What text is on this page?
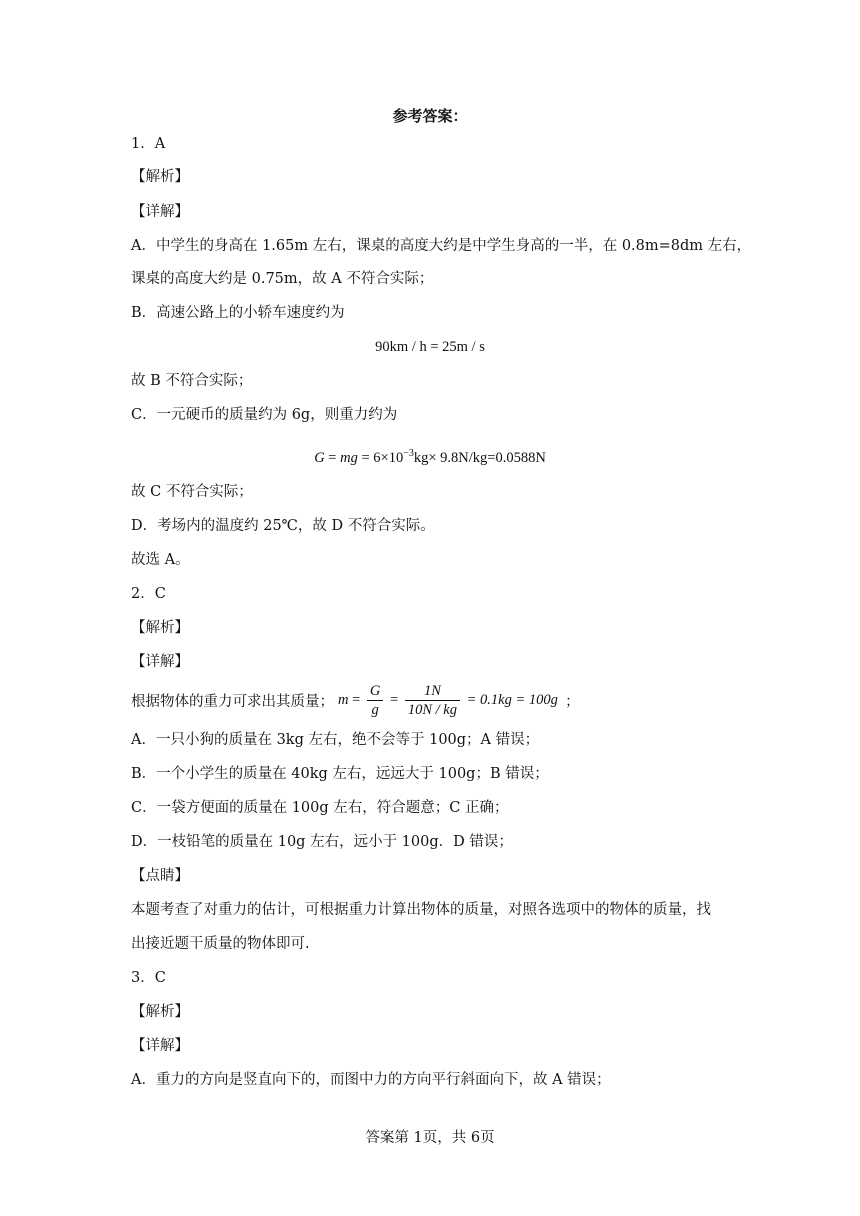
参考答案：
1．A
【解析】
【详解】
A．中学生的身高在 1.65m 左右，课桌的高度大约是中学生身高的一半，在 0.8m=8dm 左右，
课桌的高度大约是 0.75m，故 A 不符合实际；
B．高速公路上的小轿车速度约为
90km / h = 25m / s
故 B 不符合实际；
C．一元硬币的质量约为 6g，则重力约为
G = mg = $6\times 10^{-3}kg\times 9.8N/kg=0.0588N$
故 C 不符合实际；
D．考场内的温度约 25℃，故 D 不符合实际。
故选 A。
2．C
【解析】
【详解】
根据物体的重力可求出其质量； $m = \frac{G}{g} = \frac{1N}{10N / kg} = 0.1kg = 100g$ ；
A．一只小狗的质量在 3kg 左右，绝不会等于 100g；A 错误；
B．一个小学生的质量在 40kg 左右，远远大于 100g；B 错误；
C．一袋方便面的质量在 100g 左右，符合题意；C 正确；
D．一枝铅笔的质量在 10g 左右，远小于 100g．D 错误；
【点睛】
本题考查了对重力的估计，可根据重力计算出物体的质量，对照各选项中的物体的质量，找
出接近题干质量的物体即可.
3．C
【解析】
【详解】
A．重力的方向是竖直向下的，而图中力的方向平行斜面向下，故 A 错误；
答案第 1页，共 6页
